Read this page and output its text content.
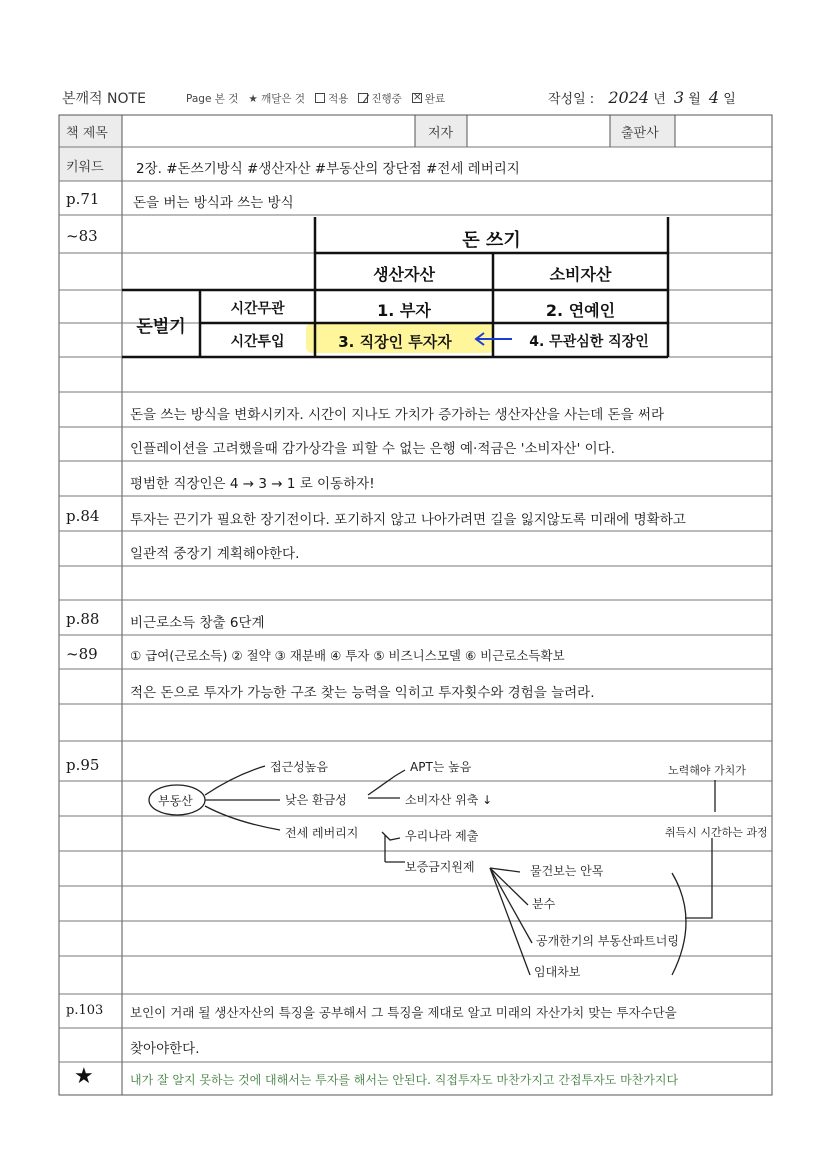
본깨적 NOTE	Page 본 것 ★ 깨달은 것	적용	진행중
×	완료	작성일 : 2024 년 3 월 4 일
책 제목	저자	출판사
키워드 2장. #돈쓰기방식 #생산자산 #부동산의 장단점 #전세 레버리지
p.71 돈을 버는 방식과 쓰는 방식
~83	돈 쓰기
생산자산	소비자산
돈벌기
시간무관
시간투입
1. 부자	2. 연예인
3. 직장인 투자자	4. 무관심한 직장인
돈을 쓰는 방식을 변화시키자. 시간이 지나도 가치가 증가하는 생산자산을 사는데 돈을 써라
인플레이션을 고려했을때 감가상각을 피할 수 없는 은행 예·적금은 '소비자산' 이다.
평범한 직장인은 4 → 3 → 1 로 이동하자!
p.84 투자는 끈기가 필요한 장기전이다. 포기하지 않고 나아가려면 길을 잃지않도록 미래에 명확하고
일관적 중장기 계획해야한다.
p.88 비근로소득 창출 6단계
~89	① 급여(근로소득) ② 절약 ③ 재분배 ④ 투자 ⑤ 비즈니스모델 ⑥ 비근로소득확보
적은 돈으로 투자가 가능한 구조 찾는 능력을 익히고 투자횟수와 경험을 늘려라.
p.95
부동산
접근성높음
낮은 환금성
전세 레버리지
APT는 높음
소비자산 위축 ↓
우리나라 제출
보증금지원제	물건보는 안목
분수
공개한기의 부동산파트너링
임대차보
노력해야 가치가
취득시 시간하는 과정
p.103 보인이 거래 될 생산자산의 특징을 공부해서 그 특징을 제대로 알고 미래의 자산가치 맞는 투자수단을
찾아야한다.
★	내가 잘 알지 못하는 것에 대해서는 투자를 해서는 안된다. 직접투자도 마찬가지고 간접투자도 마찬가지다
